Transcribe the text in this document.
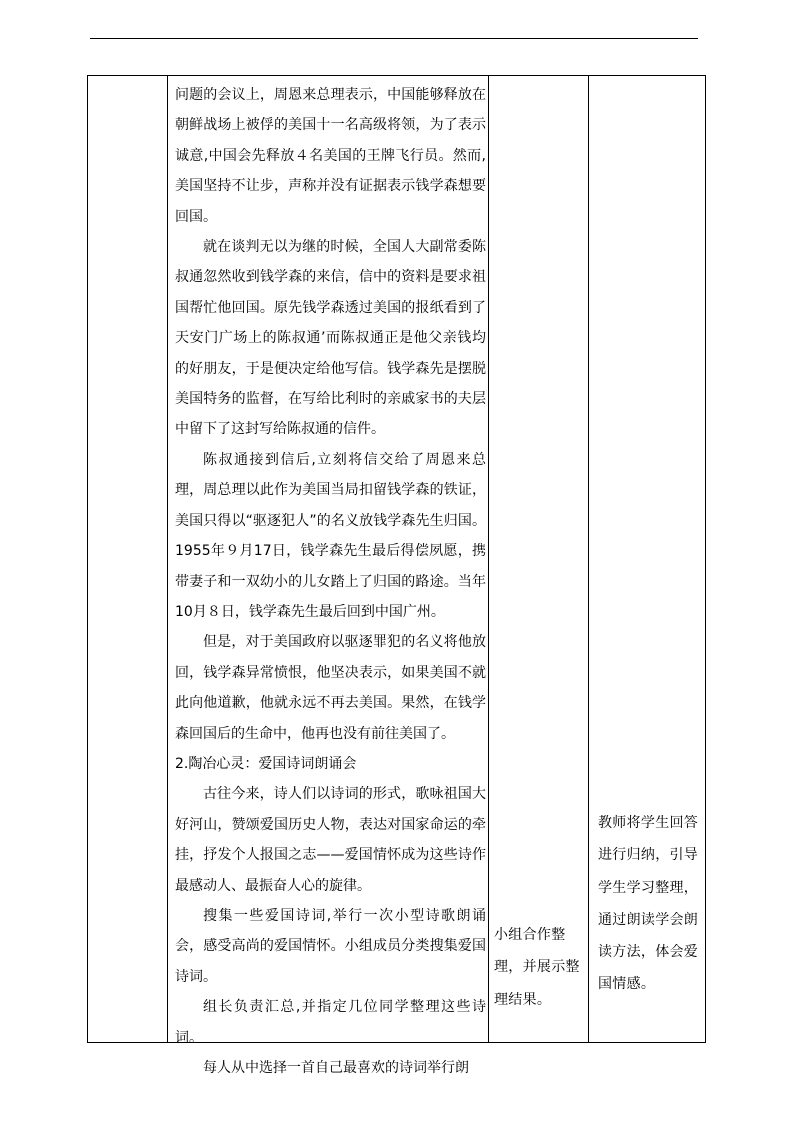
问题的会议上，周恩来总理表示，中国能够释放在朝鲜战场上被俘的美国十一名高级将领，为了表示诚意,中国会先释放４名美国的王牌飞行员。然而,美国坚持不让步，声称并没有证据表示钱学森想要回国。

就在谈判无以为继的时候，全国人大副常委陈叔通忽然收到钱学森的来信，信中的资料是要求祖国帮忙他回国。原先钱学森透过美国的报纸看到了天安门广场上的陈叔通’而陈叔通正是他父亲钱均的好朋友，于是便决定给他写信。钱学森先是摆脱美国特务的监督，在写给比利时的亲戚家书的夫层中留下了这封写给陈叔通的信件。

陈叔通接到信后,立刻将信交给了周恩来总理，周总理以此作为美国当局扣留钱学森的铁证，美国只得以“驱逐犯人”的名义放钱学森先生归国。1955年９月17日，钱学森先生最后得偿夙愿，携带妻子和一双幼小的儿女踏上了归国的路途。当年10月８日，钱学森先生最后回到中国广州。

但是，对于美国政府以驱逐罪犯的名义将他放回，钱学森异常愤恨，他坚决表示，如果美国不就此向他道歉，他就永远不再去美国。果然，在钱学森回国后的生命中，他再也没有前往美国了。

2.陶冶心灵：爱国诗词朗诵会

古往今来，诗人们以诗词的形式，歌咏祖国大好河山，赞颂爱国历史人物，表达对国家命运的牵挂，抒发个人报国之志——爱国情怀成为这些诗作最感动人、最振奋人心的旋律。

搜集一些爱国诗词,举行一次小型诗歌朗诵会，感受高尚的爱国情怀。小组成员分类搜集爱国诗词。

组长负责汇总,并指定几位同学整理这些诗词。

每人从中选择一首自己最喜欢的诗词举行朗

小组合作整理，并展示整理结果。

教师将学生回答进行归纳，引导学生学习整理，通过朗读学会朗读方法，体会爱国情感。
